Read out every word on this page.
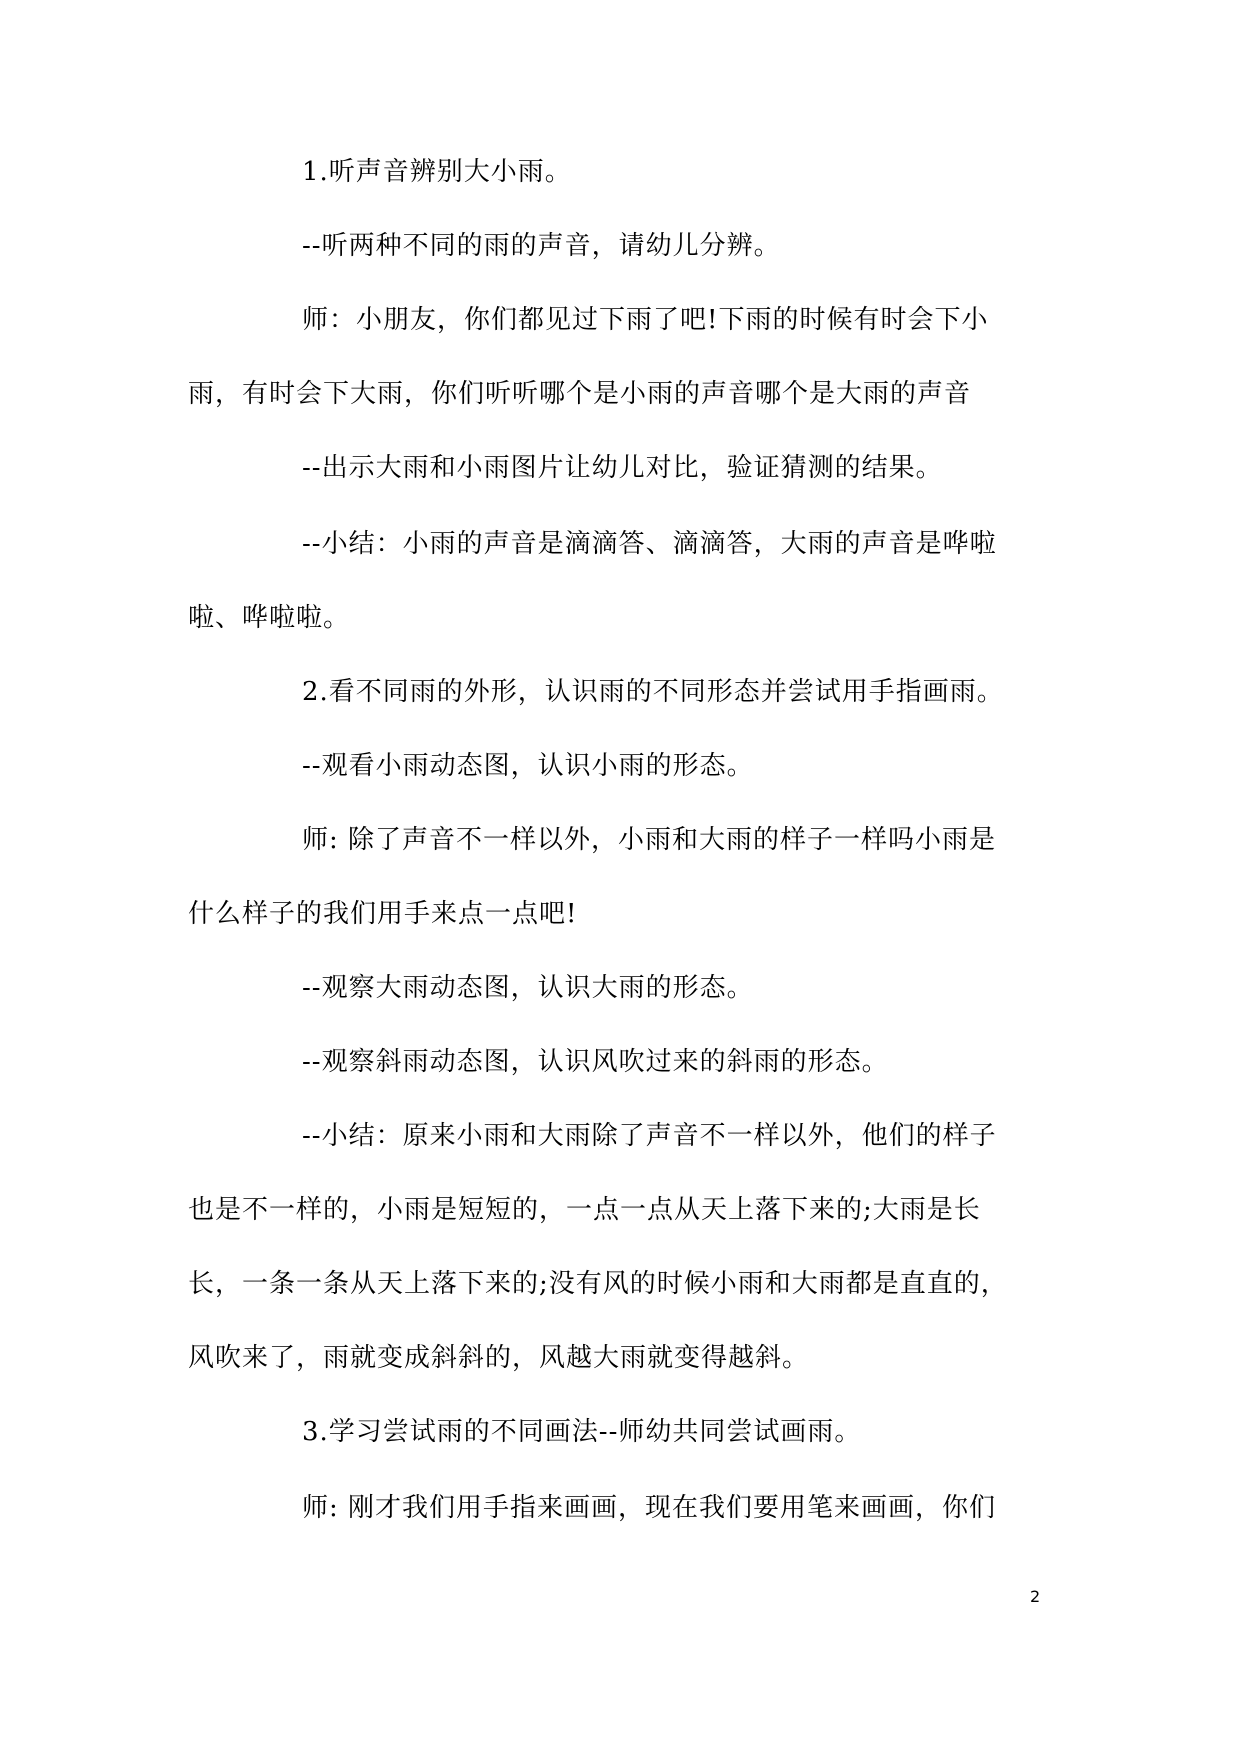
1.听声音辨别大小雨。
--听两种不同的雨的声音，请幼儿分辨。
师：小朋友，你们都见过下雨了吧!下雨的时候有时会下小
雨，有时会下大雨，你们听听哪个是小雨的声音哪个是大雨的声音
--出示大雨和小雨图片让幼儿对比，验证猜测的结果。
--小结：小雨的声音是滴滴答、滴滴答，大雨的声音是哗啦
啦、哗啦啦。
2.看不同雨的外形，认识雨的不同形态并尝试用手指画雨。
--观看小雨动态图，认识小雨的形态。
师: 除了声音不一样以外，小雨和大雨的样子一样吗小雨是
什么样子的我们用手来点一点吧!
--观察大雨动态图，认识大雨的形态。
--观察斜雨动态图，认识风吹过来的斜雨的形态。
--小结：原来小雨和大雨除了声音不一样以外，他们的样子
也是不一样的，小雨是短短的，一点一点从天上落下来的;大雨是长
长，一条一条从天上落下来的;没有风的时候小雨和大雨都是直直的，
风吹来了，雨就变成斜斜的，风越大雨就变得越斜。
3.学习尝试雨的不同画法--师幼共同尝试画雨。
师: 刚才我们用手指来画画，现在我们要用笔来画画，你们
2
